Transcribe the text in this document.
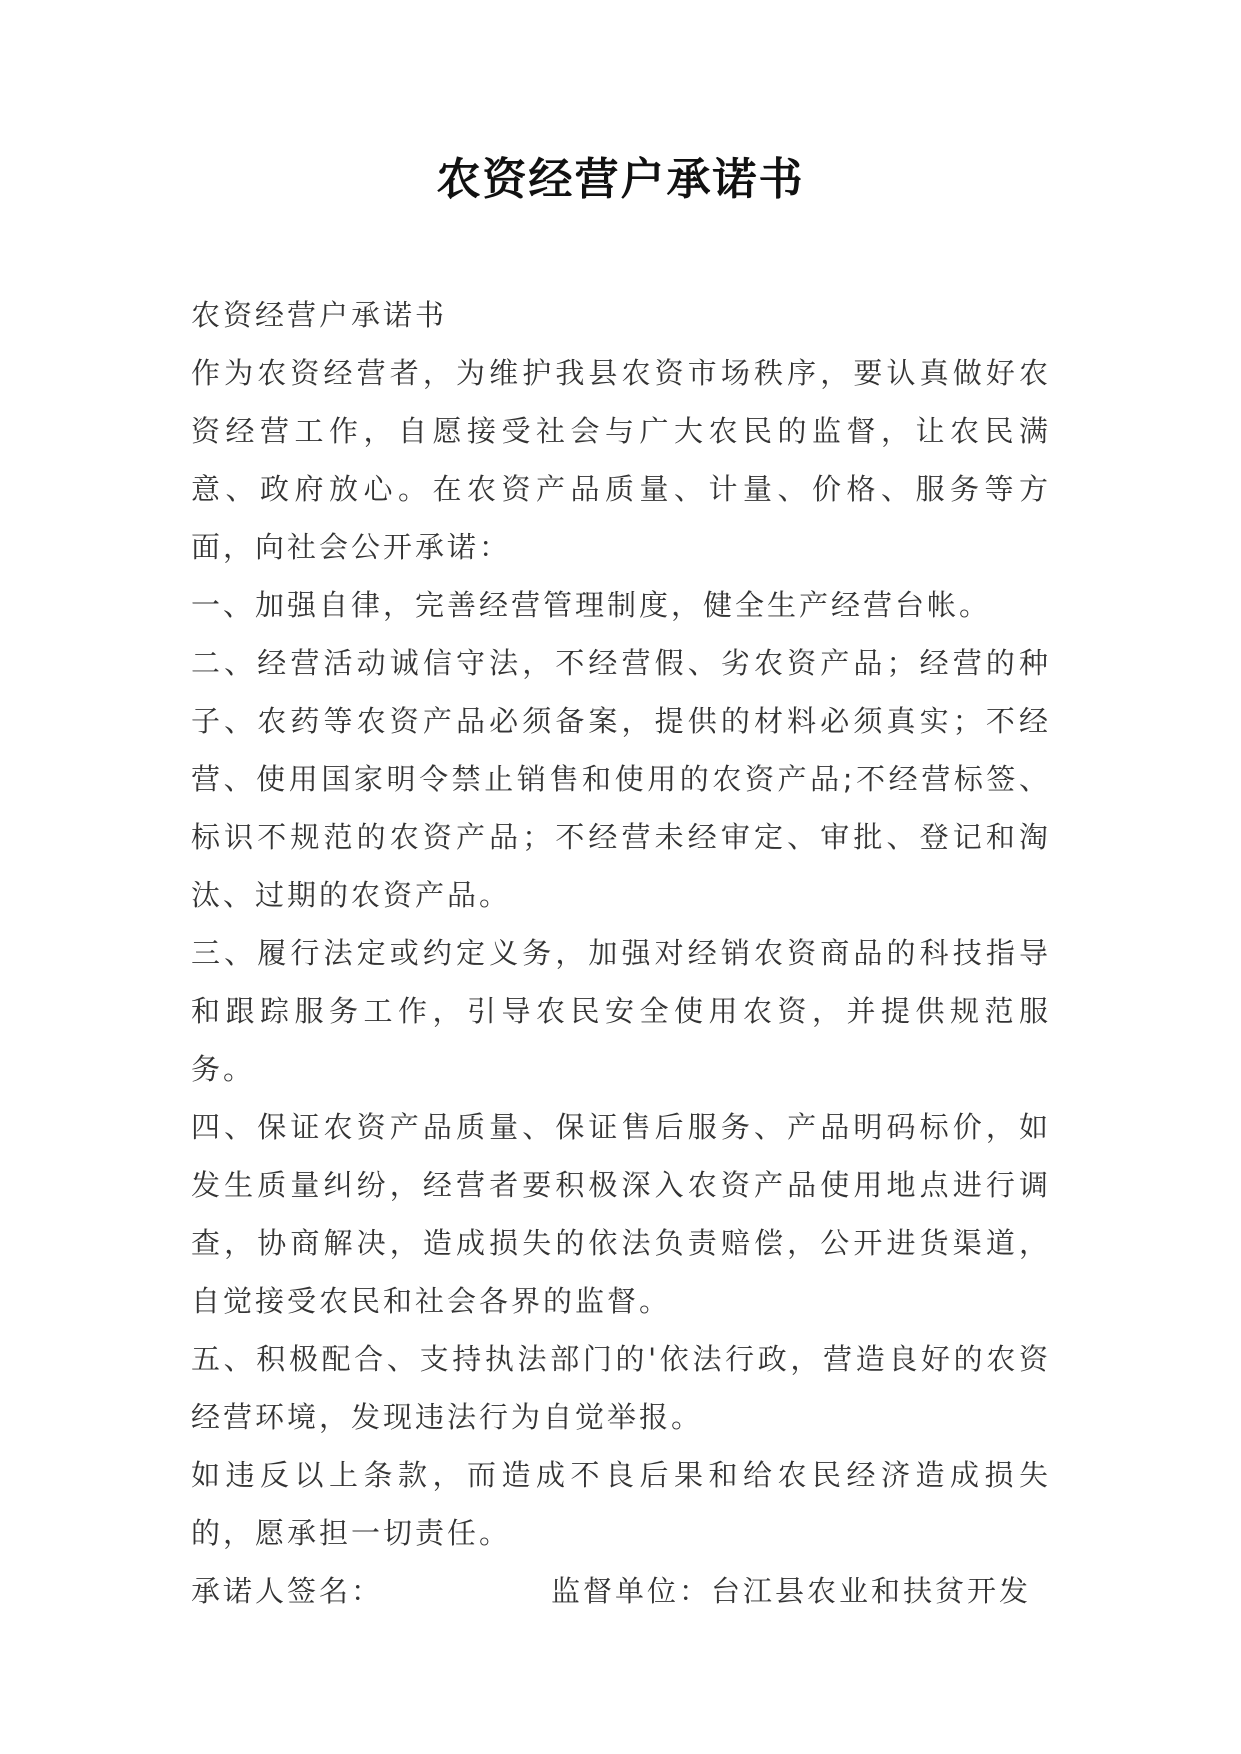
农资经营户承诺书

农资经营户承诺书

作为农资经营者，为维护我县农资市场秩序，要认真做好农资经营工作，自愿接受社会与广大农民的监督，让农民满意、政府放心。在农资产品质量、计量、价格、服务等方面，向社会公开承诺：

一、加强自律，完善经营管理制度，健全生产经营台帐。

二、经营活动诚信守法，不经营假、劣农资产品；经营的种子、农药等农资产品必须备案，提供的材料必须真实；不经营、使用国家明令禁止销售和使用的农资产品;不经营标签、标识不规范的农资产品；不经营未经审定、审批、登记和淘汰、过期的农资产品。

三、履行法定或约定义务，加强对经销农资商品的科技指导和跟踪服务工作，引导农民安全使用农资，并提供规范服务。

四、保证农资产品质量、保证售后服务、产品明码标价，如发生质量纠纷，经营者要积极深入农资产品使用地点进行调查，协商解决，造成损失的依法负责赔偿，公开进货渠道，自觉接受农民和社会各界的监督。

五、积极配合、支持执法部门的'依法行政，营造良好的农资经营环境，发现违法行为自觉举报。

如违反以上条款，而造成不良后果和给农民经济造成损失的，愿承担一切责任。

承诺人签名：	监督单位：台江县农业和扶贫开发
